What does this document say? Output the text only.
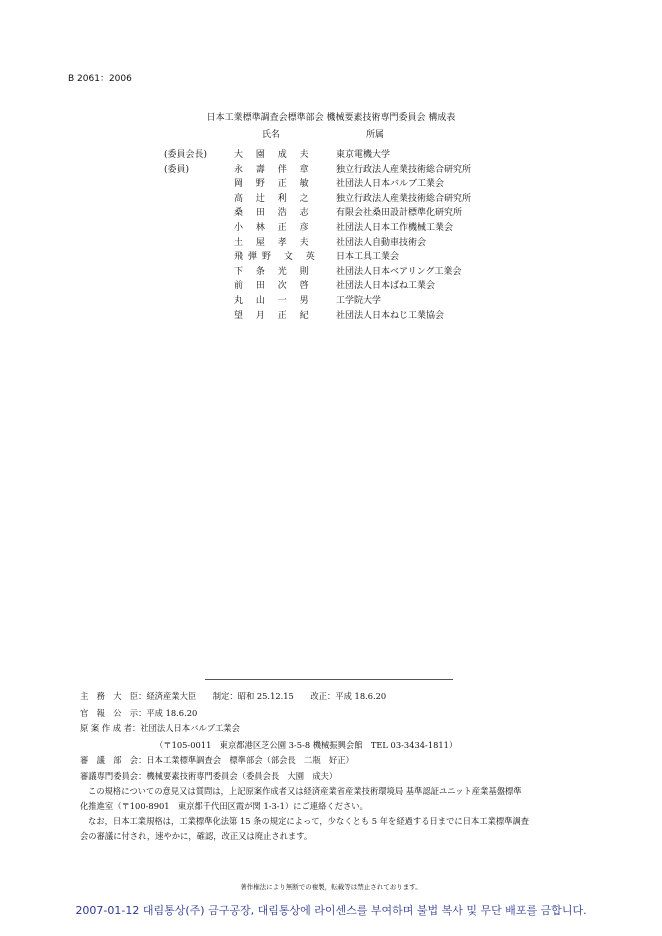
B 2061：2006
日本工業標準調査会標準部会 機械要素技術専門委員会 構成表
氏名	所属
(委員会長)	大 園 成 夫 東京電機大学
(委員)	永 壽 伴 章 独立行政法人産業技術総合研究所
岡 野 正 敏 社団法人日本バルブ工業会
高 辻 利 之 独立行政法人産業技術総合研究所
桑 田 浩 志 有限会社桑田設計標準化研究所
小 林 正 彦 社団法人日本工作機械工業会
土 屋 孝 夫 社団法人自動車技術会
飛弾野 文 英 日本工具工業会
下 条 光 則 社団法人日本ベアリング工業会
前 田 次 啓 社団法人日本ばね工業会
丸 山 一 男 工学院大学
望 月 正 紀 社団法人日本ねじ工業協会
主　務　大　臣：経済産業大臣　　制定：昭和 25.12.15　　改正：平成 18.6.20
官　報　公　示：平成 18.6.20
原 案 作 成 者：社団法人日本バルブ工業会
（〒105-0011　東京都港区芝公園 3-5-8 機械振興会館　TEL 03-3434-1811）
審　議　部　会：日本工業標準調査会　標準部会（部会長　二瓶　好正）
審議専門委員会：機械要素技術専門委員会（委員会長　大園　成夫）
この規格についての意見又は質問は，上記原案作成者又は経済産業省産業技術環境局 基準認証ユニット産業基盤標準
化推進室（〒100-8901　東京都千代田区霞が関 1-3-1）にご連絡ください。
なお，日本工業規格は，工業標準化法第 15 条の規定によって，少なくとも 5 年を経過する日までに日本工業標準調査
会の審議に付され，速やかに，確認，改正又は廃止されます。
著作権法により無断での複製，転載等は禁止されております。
2007-01-12 대림통상(주) 금구공장, 대림통상에 라이센스를 부여하며 불법 복사 및 무단 배포를 금합니다.
